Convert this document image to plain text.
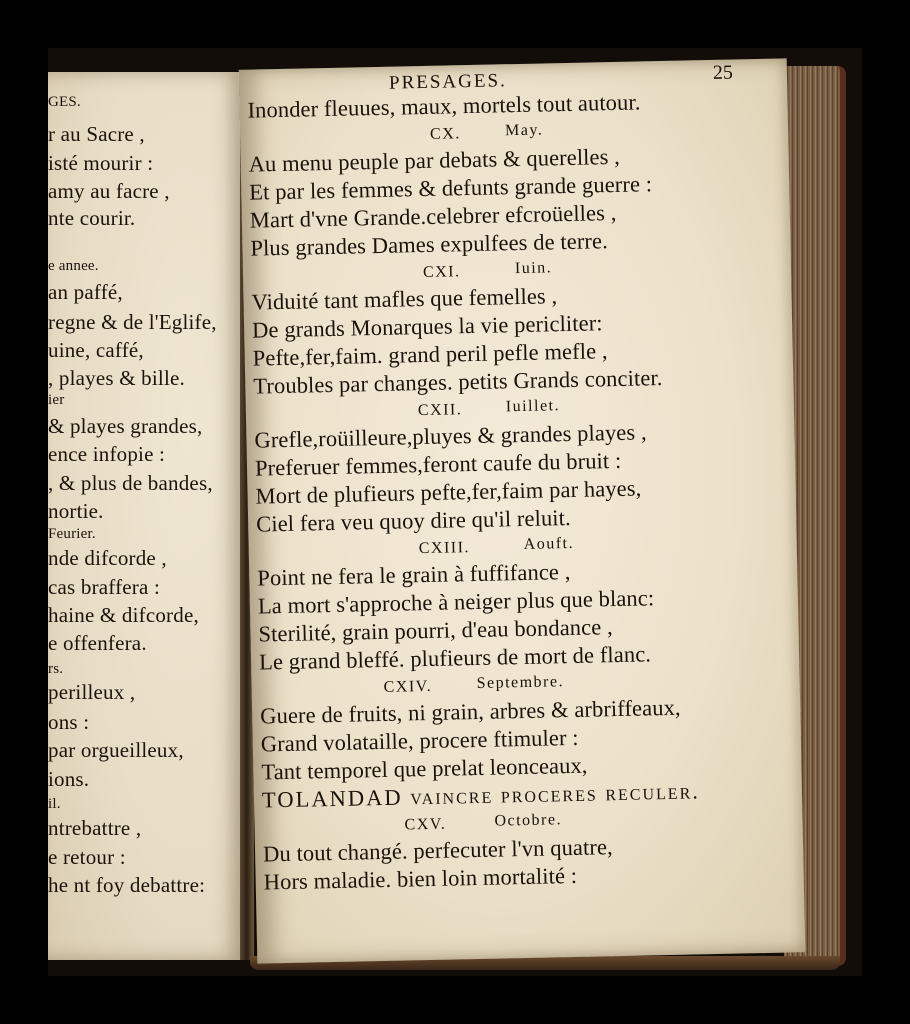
GES.
r au Sacre ,
isté mourir :
amy au facre ,
nte courir.
e annee.
an paffé,
regne & de l'Eglife,
uine, caffé,
, playes & bille.
ier
& playes grandes,
ence infopie :
, & plus de bandes,
nortie.
Feurier.
nde difcorde ,
cas braffera :
haine & difcorde,
e offenfera.
rs.
perilleux ,
ons :
par orgueilleux,
ions.
il.
ntrebattre ,
e retour :
he nt foy debattre:
PRESAGES.	25
Inonder fleuues, maux, mortels tout autour.
CX.	May.
Au menu peuple par debats & querelles ,
Et par les femmes & defunts grande guerre :
Mart d'vne Grande.celebrer efcroüelles ,
Plus grandes Dames expulfees de terre.
CXI.	Iuin.
Viduité tant mafles que femelles ,
De grands Monarques la vie pericliter:
Pefte,fer,faim. grand peril pefle mefle ,
Troubles par changes. petits Grands conciter.
CXII.	Iuillet.
Grefle,roüilleure,pluyes & grandes playes ,
Preferuer femmes,feront caufe du bruit :
Mort de plufieurs pefte,fer,faim par hayes,
Ciel fera veu quoy dire qu'il reluit.
CXIII.	Aouft.
Point ne fera le grain à fuffifance ,
La mort s'approche à neiger plus que blanc:
Sterilité, grain pourri, d'eau bondance ,
Le grand bleffé. plufieurs de mort de flanc.
CXIV.	Septembre.
Guere de fruits, ni grain, arbres & arbriffeaux,
Grand volataille, procere ftimuler :
Tant temporel que prelat leonceaux,
TOLANDAD vaincre proceres reculer.
CXV.	Octobre.
Du tout changé. perfecuter l'vn quatre,
Hors maladie. bien loin mortalité :
